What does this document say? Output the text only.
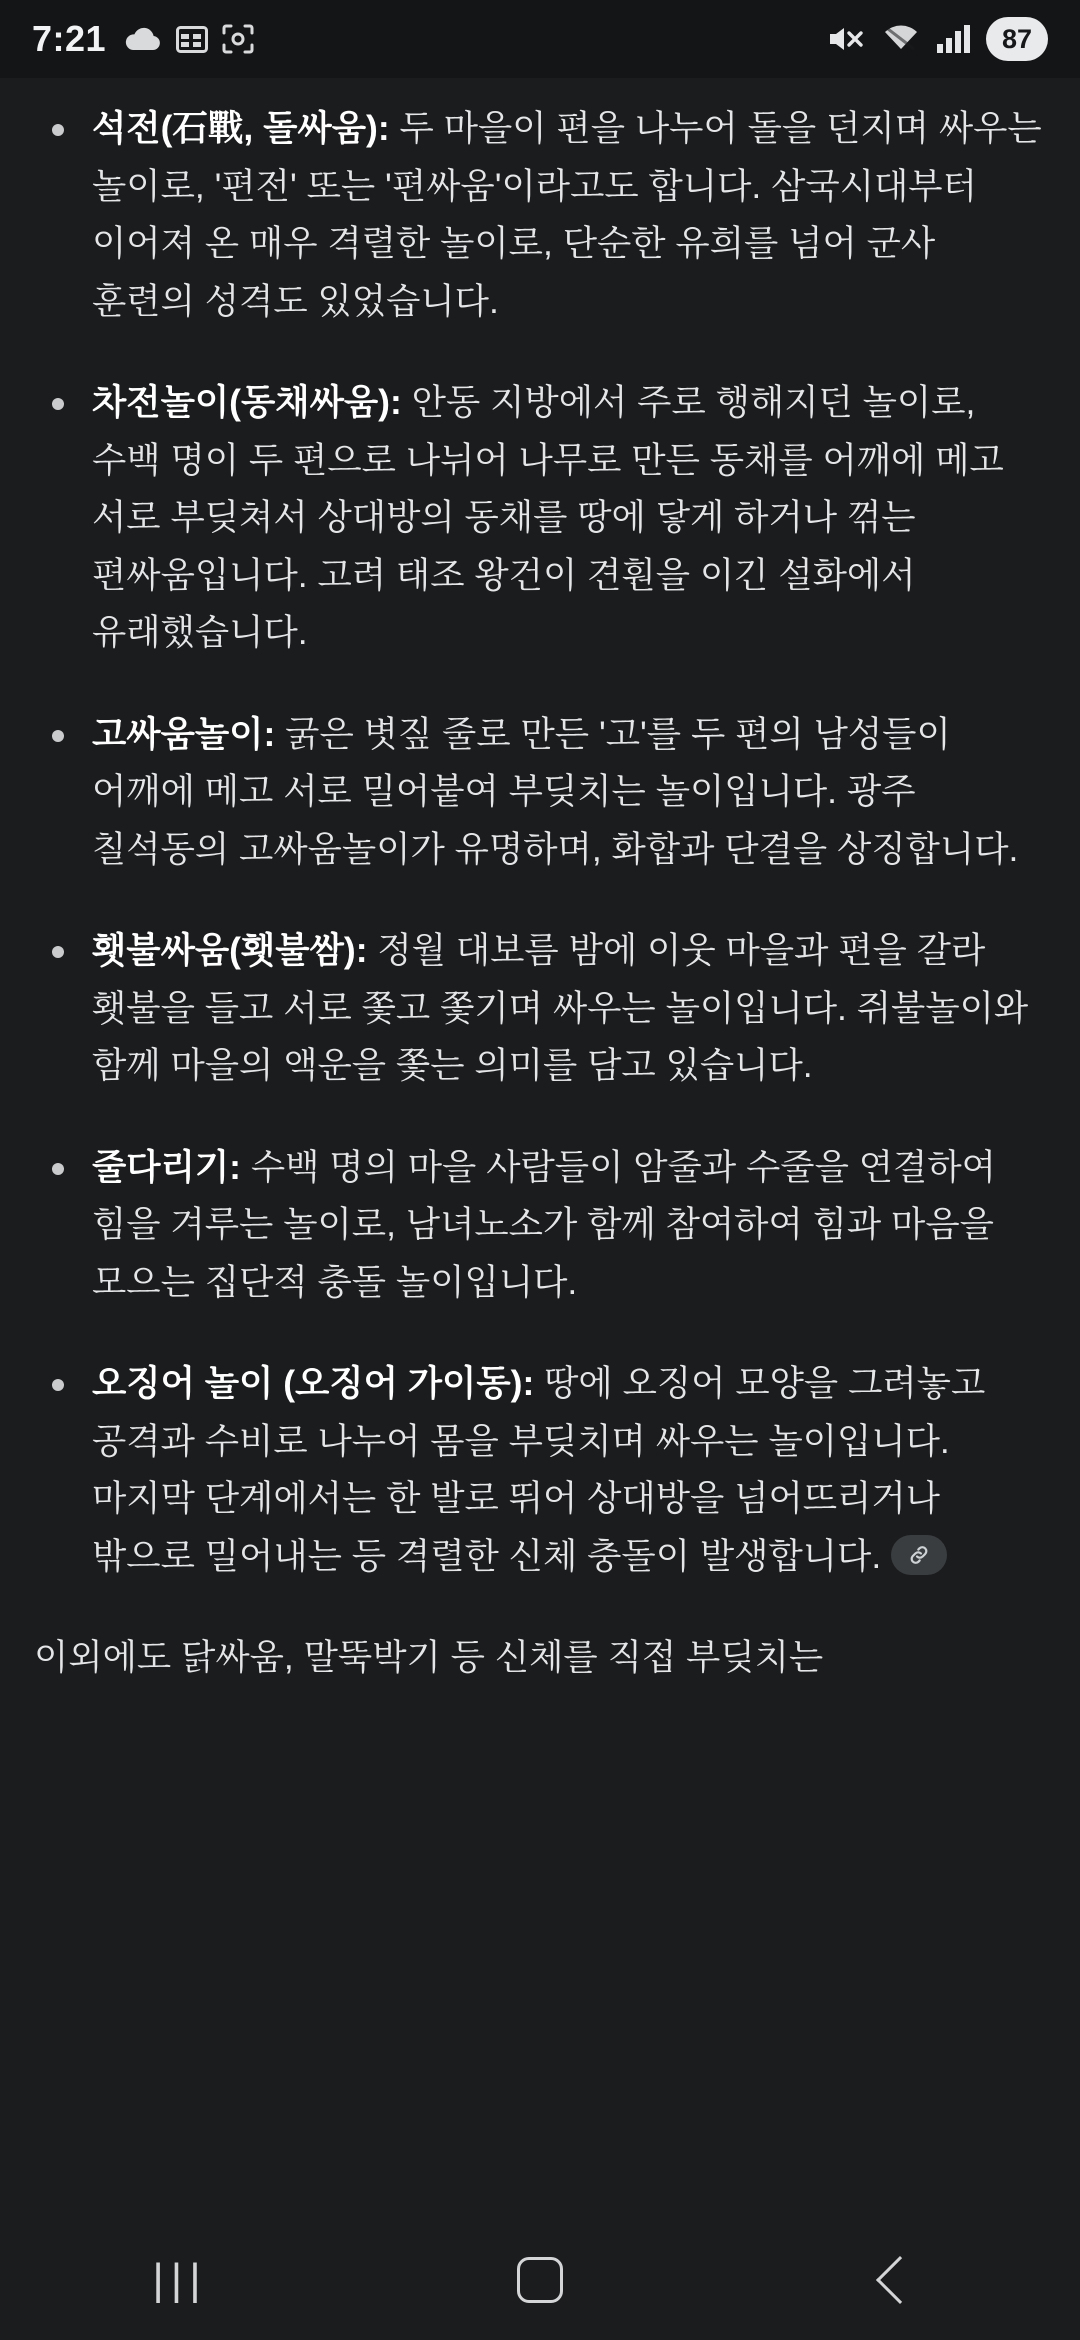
7:21	87
석전(石戰, 돌싸움): 두 마을이 편을 나누어 돌을 던지며 싸우는 놀이로, '편전' 또는 '편싸움'이라고도 합니다. 삼국시대부터 이어져 온 매우 격렬한 놀이로, 단순한 유희를 넘어 군사 훈련의 성격도 있었습니다.
차전놀이(동채싸움): 안동 지방에서 주로 행해지던 놀이로, 수백 명이 두 편으로 나뉘어 나무로 만든 동채를 어깨에 메고 서로 부딪쳐서 상대방의 동채를 땅에 닿게 하거나 꺾는 편싸움입니다. 고려 태조 왕건이 견훤을 이긴 설화에서 유래했습니다.
고싸움놀이: 굵은 볏짚 줄로 만든 '고'를 두 편의 남성들이 어깨에 메고 서로 밀어붙여 부딪치는 놀이입니다. 광주 칠석동의 고싸움놀이가 유명하며, 화합과 단결을 상징합니다.
횃불싸움(횃불쌈): 정월 대보름 밤에 이웃 마을과 편을 갈라 횃불을 들고 서로 쫓고 쫓기며 싸우는 놀이입니다. 쥐불놀이와 함께 마을의 액운을 쫓는 의미를 담고 있습니다.
줄다리기: 수백 명의 마을 사람들이 암줄과 수줄을 연결하여 힘을 겨루는 놀이로, 남녀노소가 함께 참여하여 힘과 마음을 모으는 집단적 충돌 놀이입니다.
오징어 놀이 (오징어 가이동): 땅에 오징어 모양을 그려놓고 공격과 수비로 나누어 몸을 부딪치며 싸우는 놀이입니다. 마지막 단계에서는 한 발로 뛰어 상대방을 넘어뜨리거나 밖으로 밀어내는 등 격렬한 신체 충돌이 발생합니다.
이외에도 닭싸움, 말뚝박기 등 신체를 직접 부딪치는
|||
